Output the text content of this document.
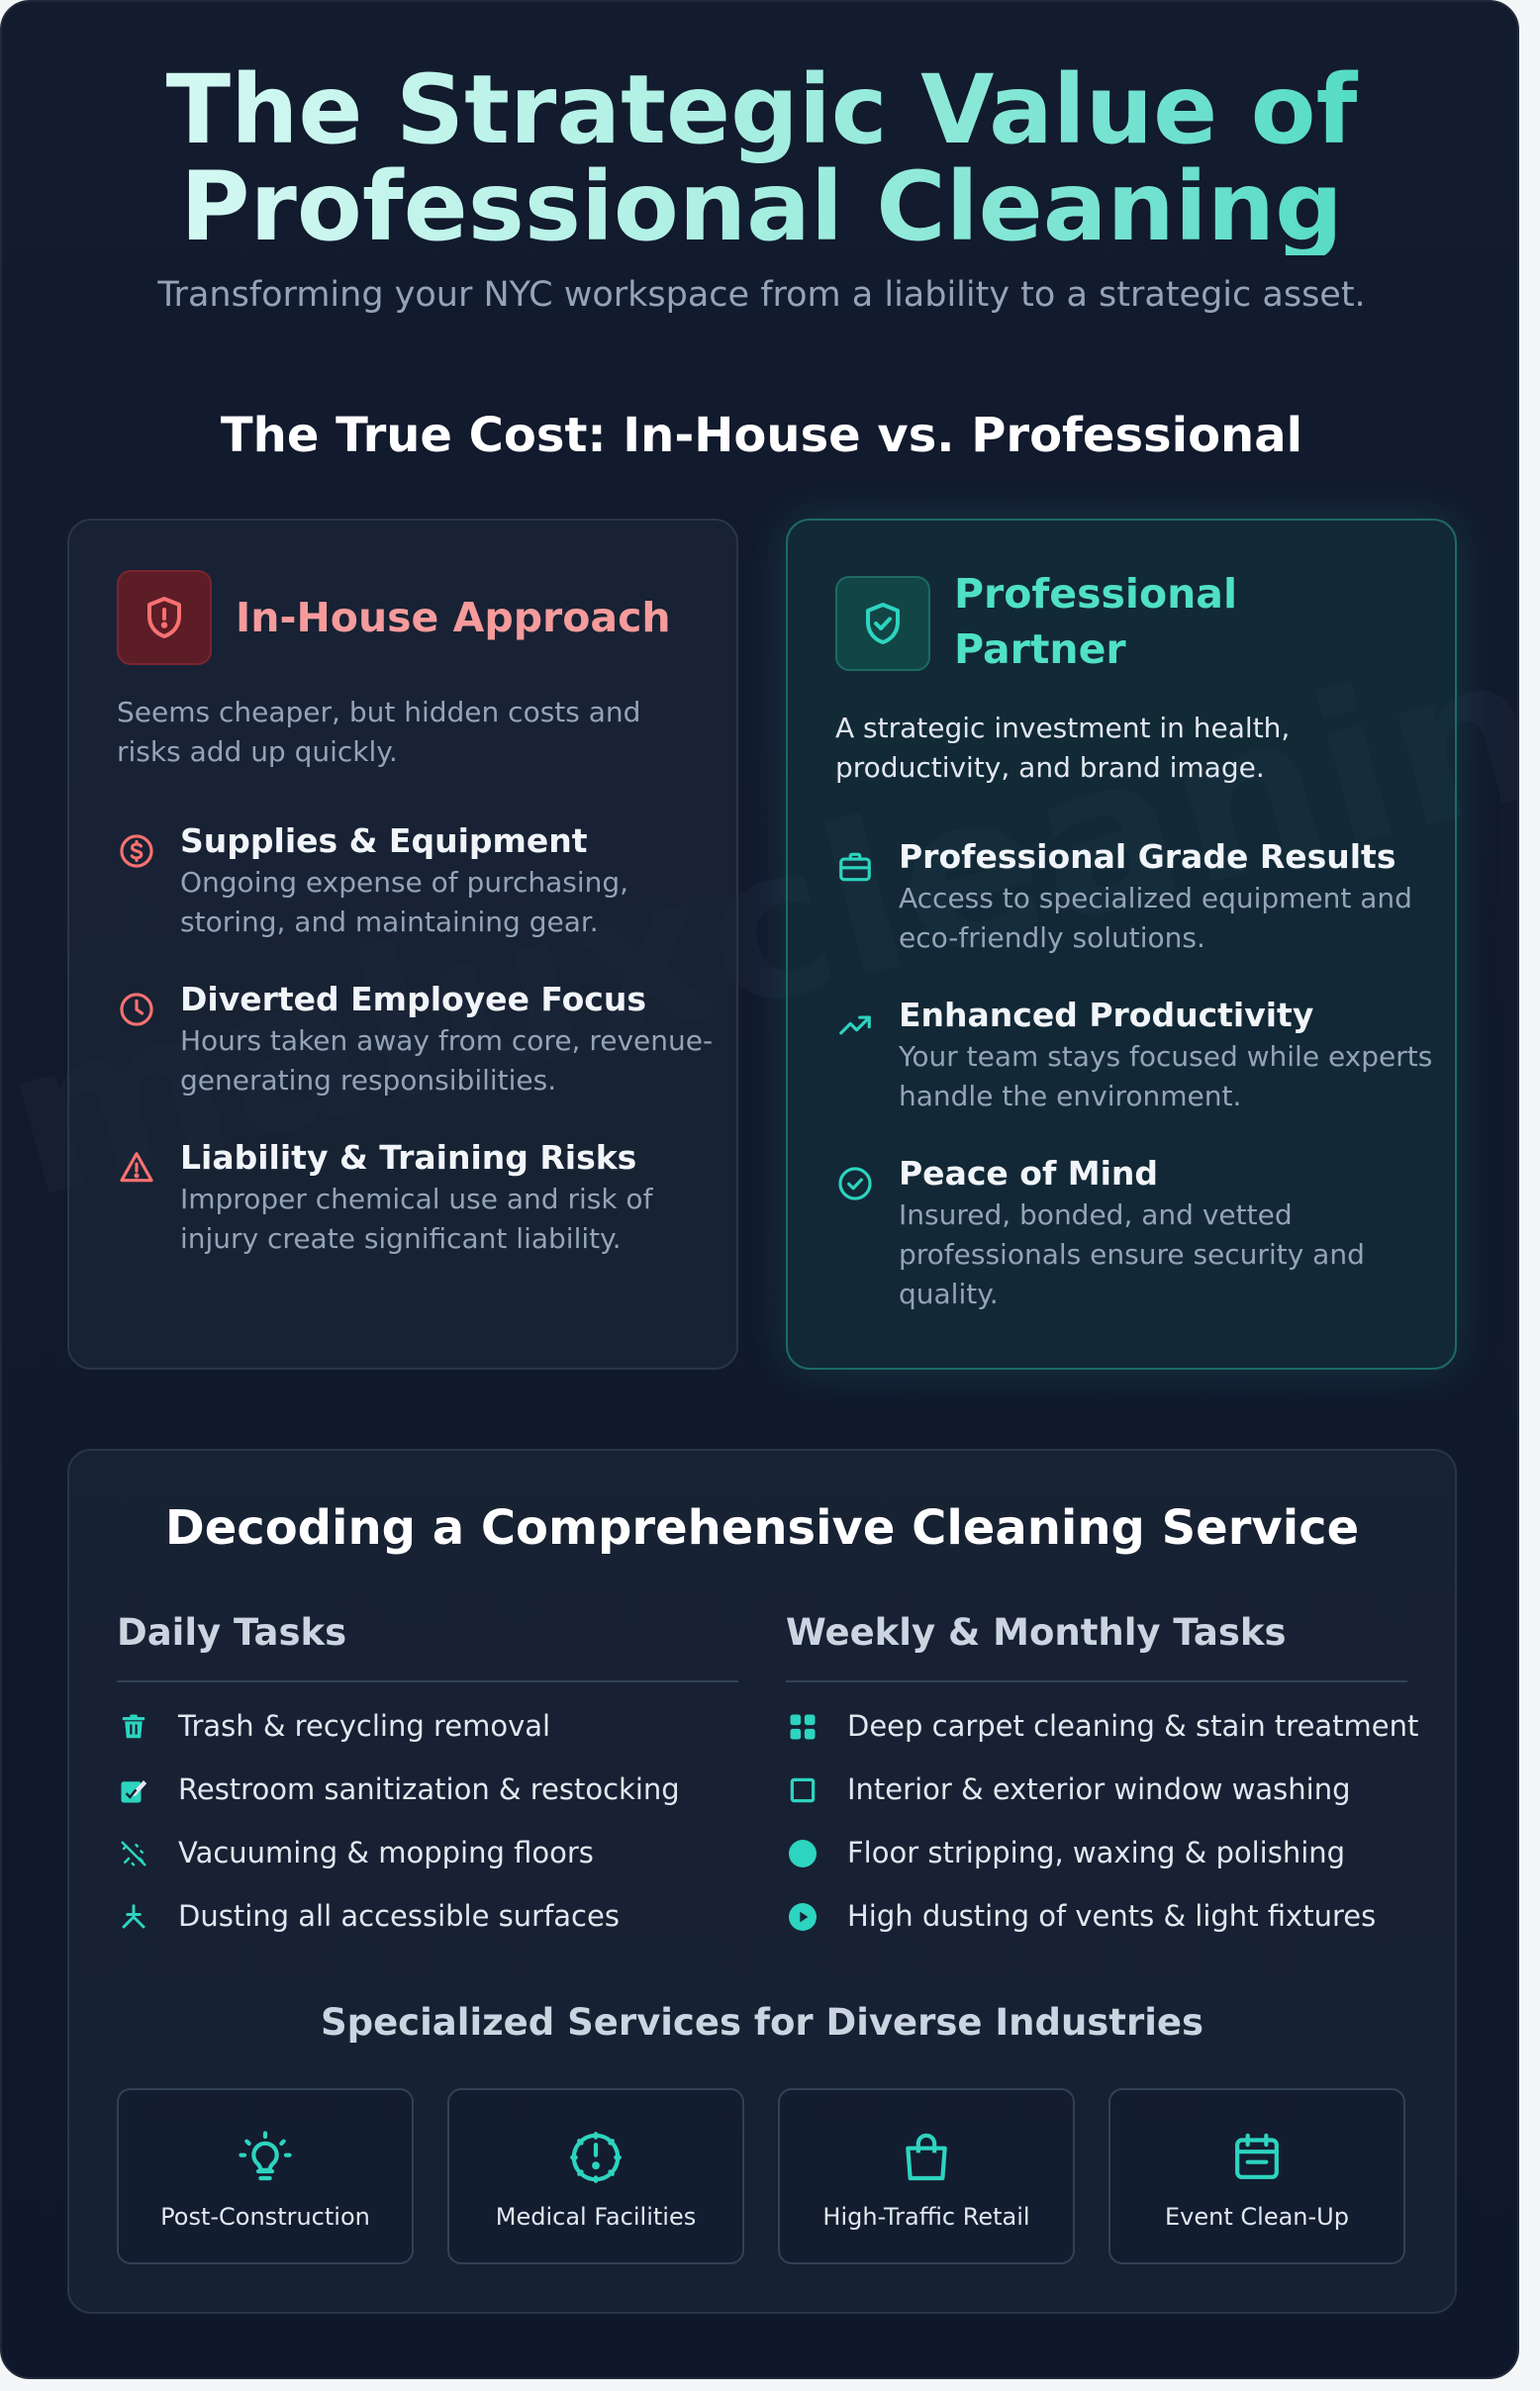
The Strategic Value of
Professional Cleaning

Transforming your NYC workspace from a liability to a strategic asset.

The True Cost: In-House vs. Professional
In-House Approach

Seems cheaper, but hidden costs and risks add up quickly.

Supplies & Equipment
Ongoing expense of purchasing, storing, and maintaining gear.
Diverted Employee Focus
Hours taken away from core, revenue-generating responsibilities.
Liability & Training Risks
Improper chemical use and risk of injury create significant liability.
Professional Partner

A strategic investment in health, productivity, and brand image.

Professional Grade Results
Access to specialized equipment and eco-friendly solutions.
Enhanced Productivity
Your team stays focused while experts handle the environment.
Peace of Mind
Insured, bonded, and vetted professionals ensure security and quality.
Decoding a Comprehensive Cleaning Service
Daily Tasks
Trash & recycling removal
Restroom sanitization & restocking
Vacuuming & mopping floors
Dusting all accessible surfaces
Weekly & Monthly Tasks
Deep carpet cleaning & stain treatment
Interior & exterior window washing
Floor stripping, waxing & polishing
High dusting of vents & light fixtures
Specialized Services for Diverse Industries
Post-Construction	Medical Facilities	High-Traffic Retail	Event Clean-Up
